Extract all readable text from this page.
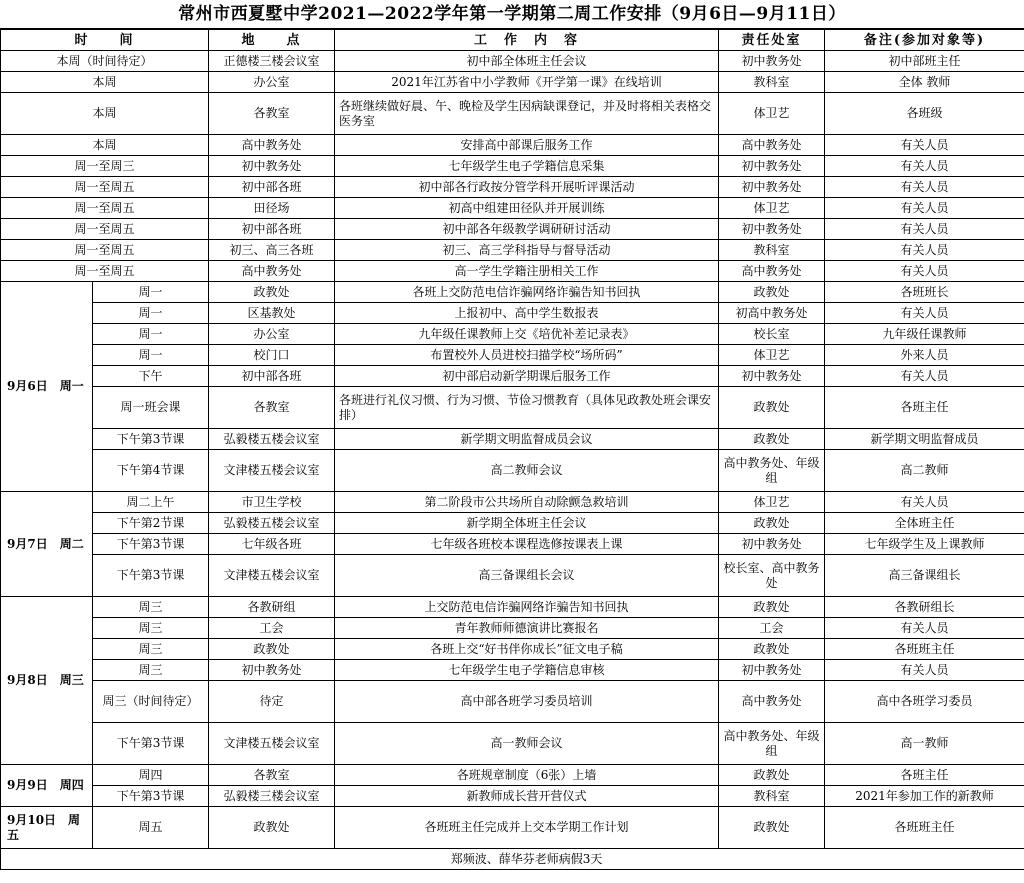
常州市西夏墅中学2021—2022学年第一学期第二周工作安排（9月6日—9月11日）
时　　间		地　　点	工　作　内　容	责任处室	备注(参加对象等)
本周（时间待定）		正德楼三楼会议室	初中部全体班主任会议	初中教务处	初中部班主任
本周		办公室	2021年江苏省中小学教师《开学第一课》在线培训	教科室	全体 教师
本周		各教室	各班继续做好晨、午、晚检及学生因病缺课登记，并及时将相关表格交医务室	体卫艺	各班级
本周		高中教务处	安排高中部课后服务工作	高中教务处	有关人员
周一至周三		初中教务处	七年级学生电子学籍信息采集	初中教务处	有关人员
周一至周五		初中部各班	初中部各行政按分管学科开展听评课活动	初中教务处	有关人员
周一至周五		田径场	初高中组建田径队并开展训练	体卫艺	有关人员
周一至周五		初中部各班	初中部各年级教学调研研讨活动	初中教务处	有关人员
周一至周五		初三、高三各班	初三、高三学科指导与督导活动	教科室	有关人员
周一至周五		高中教务处	高一学生学籍注册相关工作	高中教务处	有关人员
9月6日　周一	周一	政教处	各班上交防范电信诈骗网络诈骗告知书回执	政教处	各班班长
	周一	区基教处	上报初中、高中学生数报表	初高中教务处	有关人员
	周一	办公室	九年级任课教师上交《培优补差记录表》	校长室	九年级任课教师
	周一	校门口	布置校外人员进校扫描学校“场所码”	体卫艺	外来人员
	下午	初中部各班	初中部启动新学期课后服务工作	初中教务处	有关人员
	周一班会课	各教室	各班进行礼仪习惯、行为习惯、节俭习惯教育（具体见政教处班会课安排）	政教处	各班主任
	下午第3节课	弘毅楼五楼会议室	新学期文明监督成员会议	政教处	新学期文明监督成员
	下午第4节课	文津楼五楼会议室	高二教师会议	高中教务处、年级组	高二教师
9月7日　周二	周二上午	市卫生学校	第二阶段市公共场所自动除颤急救培训	体卫艺	有关人员
	下午第2节课	弘毅楼五楼会议室	新学期全体班主任会议	政教处	全体班主任
	下午第3节课	七年级各班	七年级各班校本课程选修按课表上课	初中教务处	七年级学生及上课教师
	下午第3节课	文津楼五楼会议室	高三备课组长会议	校长室、高中教务处	高三备课组长
9月8日　周三	周三	各教研组	上交防范电信诈骗网络诈骗告知书回执	政教处	各教研组长
	周三	工会	青年教师师德演讲比赛报名	工会	有关人员
	周三	政教处	各班上交“好书伴你成长”征文电子稿	政教处	各班班主任
	周三	初中教务处	七年级学生电子学籍信息审核	初中教务处	有关人员
	周三（时间待定）	待定	高中部各班学习委员培训	高中教务处	高中各班学习委员
	下午第3节课	文津楼五楼会议室	高一教师会议	高中教务处、年级组	高一教师
9月9日　周四	周四	各教室	各班规章制度（6张）上墙	政教处	各班主任
	下午第3节课	弘毅楼三楼会议室	新教师成长营开营仪式	教科室	2021年参加工作的新教师
9月10日　周五	周五	政教处	各班班主任完成并上交本学期工作计划	政教处	各班班主任
			郑频波、薛华芬老师病假3天		
